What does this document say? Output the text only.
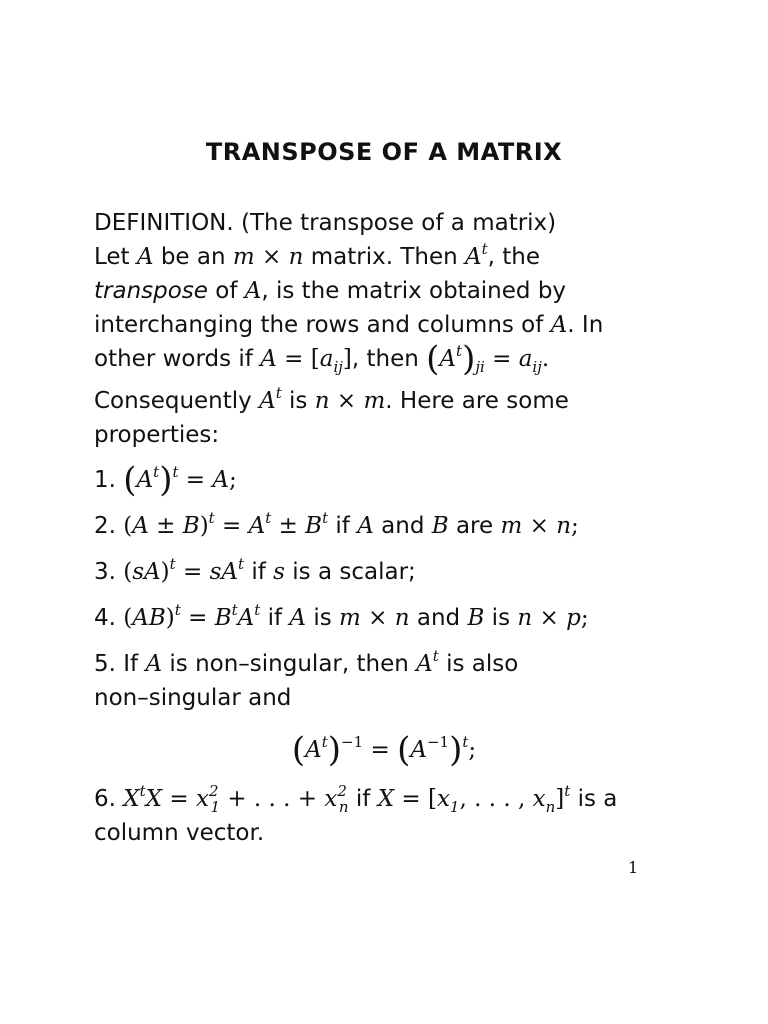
TRANSPOSE OF A MATRIX
DEFINITION. (The transpose of a matrix)
Let A be an m × n matrix. Then $A^t$, the
transpose of A, is the matrix obtained by
interchanging the rows and columns of A. In
other words if $A = [a_{ij}]$, then $(A^t)_{ji} = a_{ij}$.
Consequently $A^t$ is n × m. Here are some
properties:
1. $(A^t)^t = A$;
2. $(A \pm B)^t = A^t \pm B^t$ if A and B are m × n;
3. $(sA)^t = sA^t$ if s is a scalar;
4. $(AB)^t = B^tA^t$ if A is m × n and B is n × p;
5. If A is non–singular, then $A^t$ is also
non–singular and
$(A^t)^{-1} = (A^{-1})^t$;
6. $X^tX = x^2_1$ + . . . + $x^2_n$ if $X = [x_1$, . . . , $x_n]^t$ is a
column vector.
1
